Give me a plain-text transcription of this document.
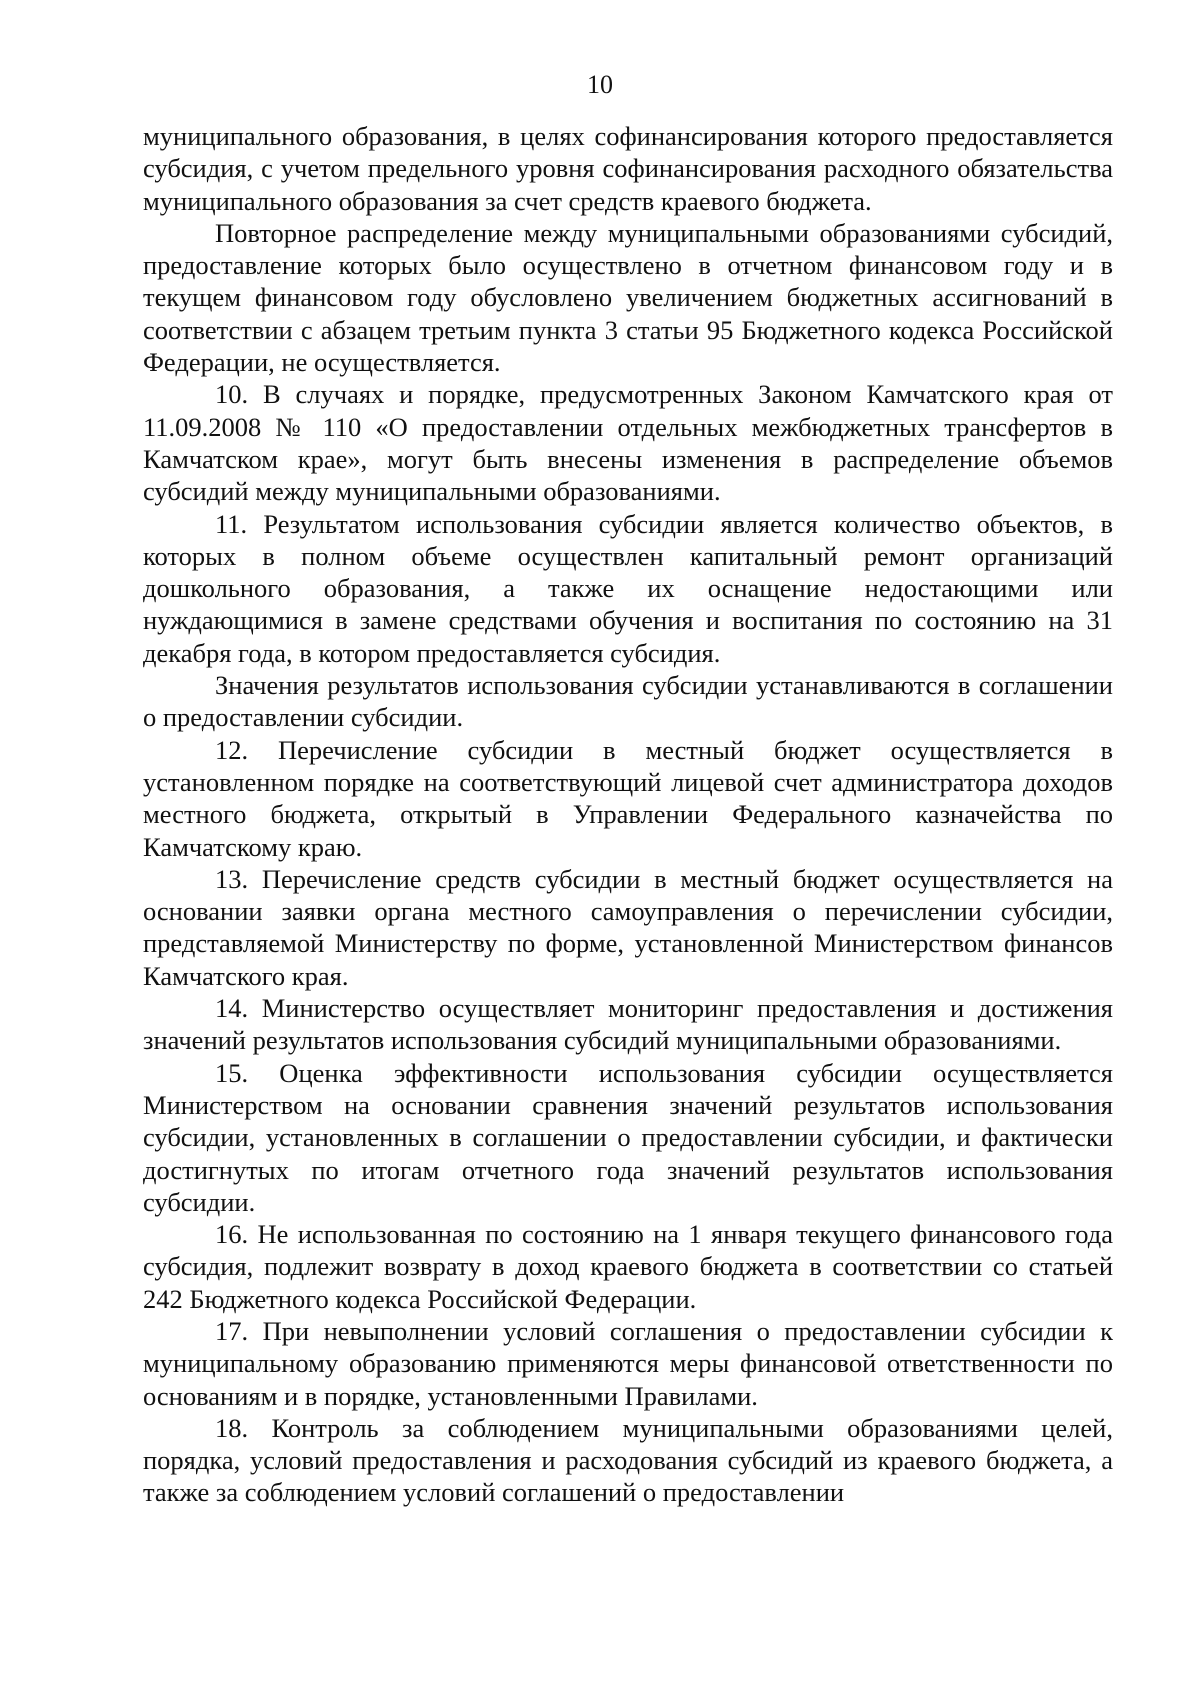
10

муниципального образования, в целях софинансирования которого предоставляется субсидия, с учетом предельного уровня софинансирования расходного обязательства муниципального образования за счет средств краевого бюджета.

Повторное распределение между муниципальными образованиями субсидий, предоставление которых было осуществлено в отчетном финансовом году и в текущем финансовом году обусловлено увеличением бюджетных ассигнований в соответствии с абзацем третьим пункта 3 статьи 95 Бюджетного кодекса Российской Федерации, не осуществляется.

10. В случаях и порядке, предусмотренных Законом Камчатского края от 11.09.2008 № 110 «О предоставлении отдельных межбюджетных трансфертов в Камчатском крае», могут быть внесены изменения в распределение объемов субсидий между муниципальными образованиями.

11. Результатом использования субсидии является количество объектов, в которых в полном объеме осуществлен капитальный ремонт организаций дошкольного образования, а также их оснащение недостающими или нуждающимися в замене средствами обучения и воспитания по состоянию на 31 декабря года, в котором предоставляется субсидия.

Значения результатов использования субсидии устанавливаются в соглашении о предоставлении субсидии.

12. Перечисление субсидии в местный бюджет осуществляется в установленном порядке на соответствующий лицевой счет администратора доходов местного бюджета, открытый в Управлении Федерального казначейства по Камчатскому краю.

13. Перечисление средств субсидии в местный бюджет осуществляется на основании заявки органа местного самоуправления о перечислении субсидии, представляемой Министерству по форме, установленной Министерством финансов Камчатского края.

14. Министерство осуществляет мониторинг предоставления и достижения значений результатов использования субсидий муниципальными образованиями.

15. Оценка эффективности использования субсидии осуществляется Министерством на основании сравнения значений результатов использования субсидии, установленных в соглашении о предоставлении субсидии, и фактически достигнутых по итогам отчетного года значений результатов использования субсидии.

16. Не использованная по состоянию на 1 января текущего финансового года субсидия, подлежит возврату в доход краевого бюджета в соответствии со статьей 242 Бюджетного кодекса Российской Федерации.

17. При невыполнении условий соглашения о предоставлении субсидии к муниципальному образованию применяются меры финансовой ответственности по основаниям и в порядке, установленными Правилами.

18. Контроль за соблюдением муниципальными образованиями целей, порядка, условий предоставления и расходования субсидий из краевого бюджета, а также за соблюдением условий соглашений о предоставлении
